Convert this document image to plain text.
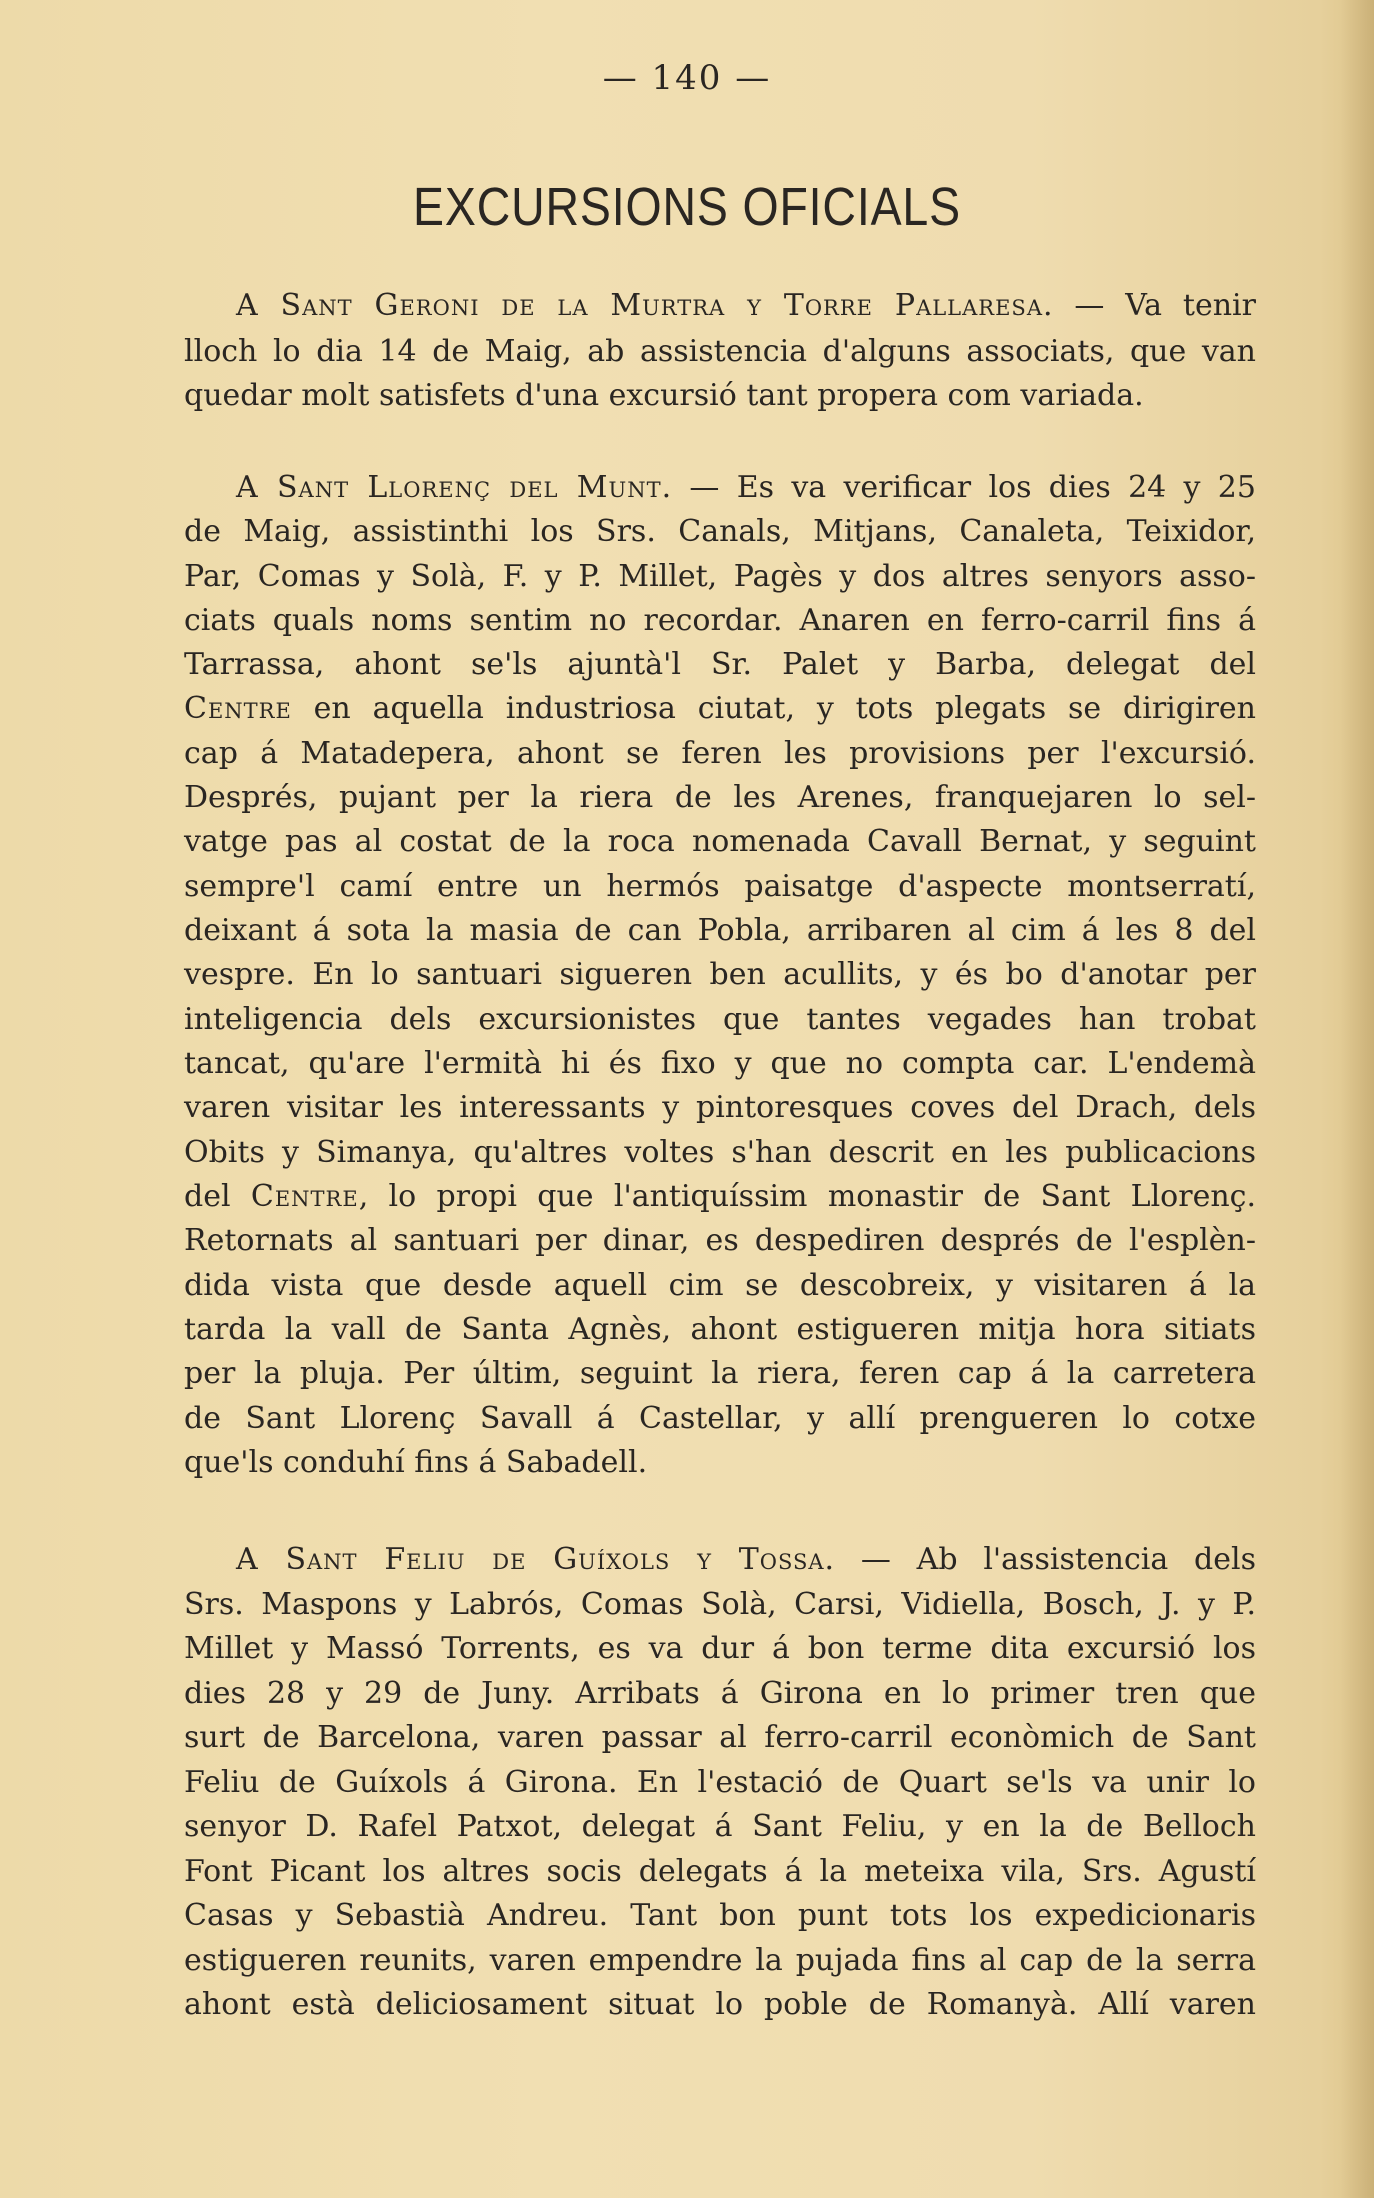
— 140 —
EXCURSIONS OFICIALS
A Sant Geroni de la Murtra y Torre Pallaresa. — Va tenir
lloch lo dia 14 de Maig, ab assistencia d'alguns associats, que van
quedar molt satisfets d'una excursió tant propera com variada.
A Sant Llorenç del Munt. — Es va verificar los dies 24 y 25
de Maig, assistinthi los Srs. Canals, Mitjans, Canaleta, Teixidor,
Par, Comas y Solà, F. y P. Millet, Pagès y dos altres senyors asso-
ciats quals noms sentim no recordar. Anaren en ferro-carril fins á
Tarrassa, ahont se'ls ajuntà'l Sr. Palet y Barba, delegat del
Centre en aquella industriosa ciutat, y tots plegats se dirigiren
cap á Matadepera, ahont se feren les provisions per l'excursió.
Després, pujant per la riera de les Arenes, franquejaren lo sel-
vatge pas al costat de la roca nomenada Cavall Bernat, y seguint
sempre'l camí entre un hermós paisatge d'aspecte montserratí,
deixant á sota la masia de can Pobla, arribaren al cim á les 8 del
vespre. En lo santuari sigueren ben acullits, y és bo d'anotar per
inteligencia dels excursionistes que tantes vegades han trobat
tancat, qu'are l'ermità hi és fixo y que no compta car. L'endemà
varen visitar les interessants y pintoresques coves del Drach, dels
Obits y Simanya, qu'altres voltes s'han descrit en les publicacions
del Centre, lo propi que l'antiquíssim monastir de Sant Llorenç.
Retornats al santuari per dinar, es despediren després de l'esplèn-
dida vista que desde aquell cim se descobreix, y visitaren á la
tarda la vall de Santa Agnès, ahont estigueren mitja hora sitiats
per la pluja. Per últim, seguint la riera, feren cap á la carretera
de Sant Llorenç Savall á Castellar, y allí prengueren lo cotxe
que'ls conduhí fins á Sabadell.
A Sant Feliu de Guíxols y Tossa. — Ab l'assistencia dels
Srs. Maspons y Labrós, Comas Solà, Carsi, Vidiella, Bosch, J. y P.
Millet y Massó Torrents, es va dur á bon terme dita excursió los
dies 28 y 29 de Juny. Arribats á Girona en lo primer tren que
surt de Barcelona, varen passar al ferro-carril econòmich de Sant
Feliu de Guíxols á Girona. En l'estació de Quart se'ls va unir lo
senyor D. Rafel Patxot, delegat á Sant Feliu, y en la de Belloch
Font Picant los altres socis delegats á la meteixa vila, Srs. Agustí
Casas y Sebastià Andreu. Tant bon punt tots los expedicionaris
estigueren reunits, varen empendre la pujada fins al cap de la serra
ahont està deliciosament situat lo poble de Romanyà. Allí varen
